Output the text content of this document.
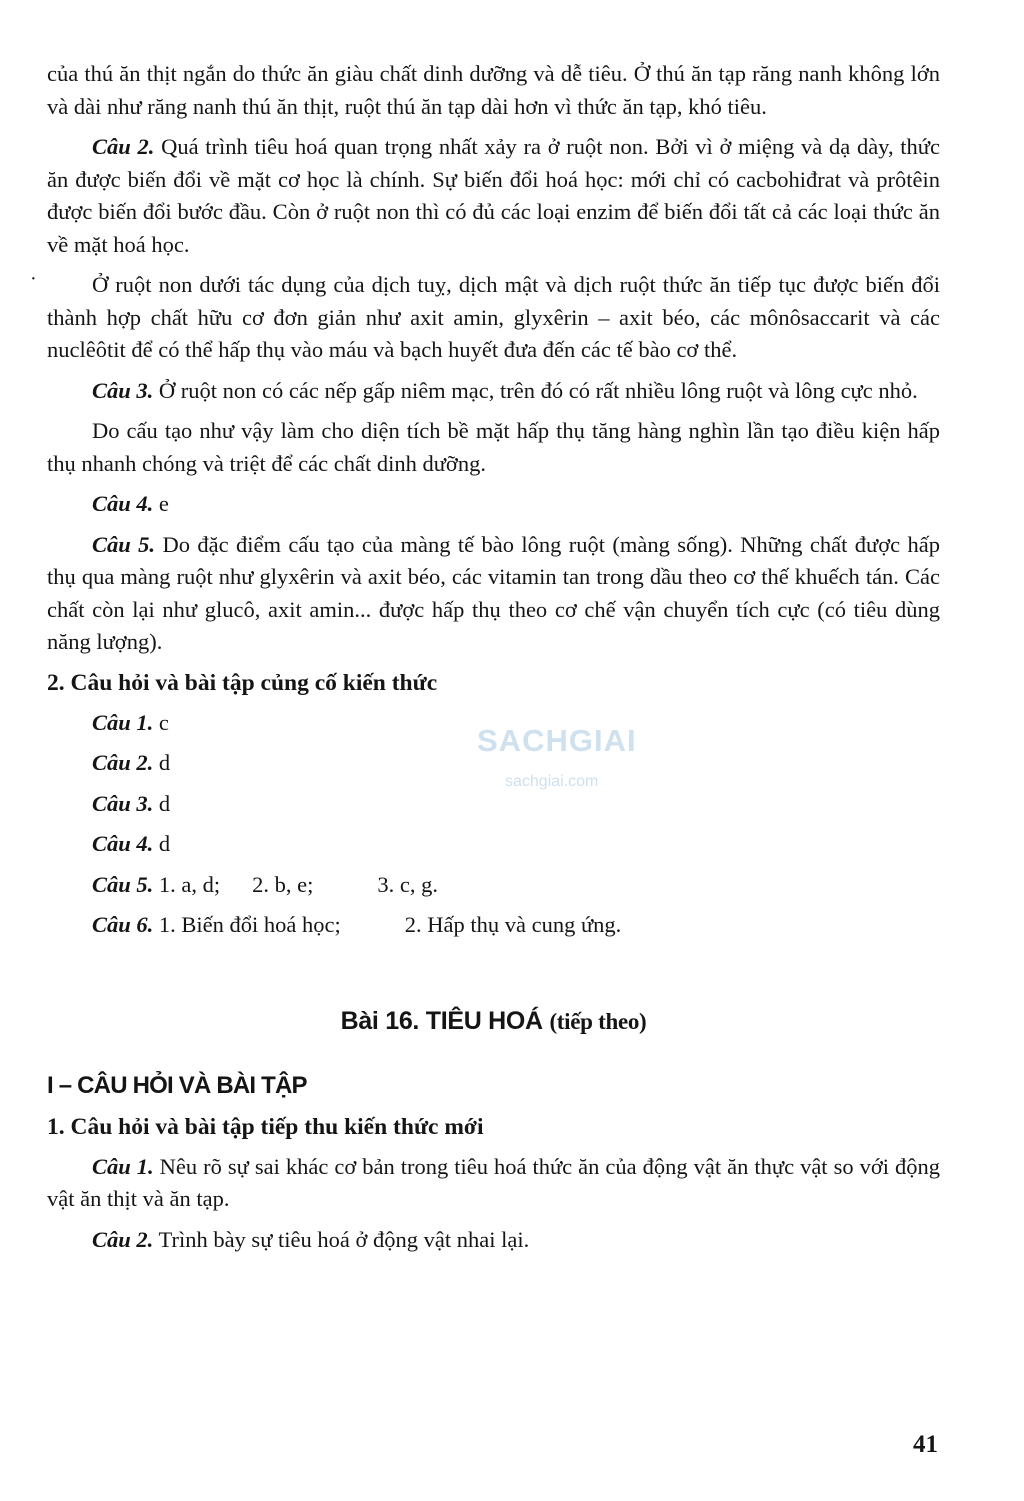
của thú ăn thịt ngắn do thức ăn giàu chất dinh dưỡng và dễ tiêu. Ở thú ăn tạp răng nanh không lớn và dài như răng nanh thú ăn thịt, ruột thú ăn tạp dài hơn vì thức ăn tạp, khó tiêu.

Câu 2. Quá trình tiêu hoá quan trọng nhất xảy ra ở ruột non. Bởi vì ở miệng và dạ dày, thức ăn được biến đổi về mặt cơ học là chính. Sự biến đổi hoá học: mới chỉ có cacbohiđrat và prôtêin được biến đổi bước đầu. Còn ở ruột non thì có đủ các loại enzim để biến đổi tất cả các loại thức ăn về mặt hoá học.

Ở ruột non dưới tác dụng của dịch tuỵ, dịch mật và dịch ruột thức ăn tiếp tục được biến đổi thành hợp chất hữu cơ đơn giản như axit amin, glyxêrin – axit béo, các mônôsaccarit và các nuclêôtit để có thể hấp thụ vào máu và bạch huyết đưa đến các tế bào cơ thể.

Câu 3. Ở ruột non có các nếp gấp niêm mạc, trên đó có rất nhiều lông ruột và lông cực nhỏ.

Do cấu tạo như vậy làm cho diện tích bề mặt hấp thụ tăng hàng nghìn lần tạo điều kiện hấp thụ nhanh chóng và triệt để các chất dinh dưỡng.

Câu 4. e

Câu 5. Do đặc điểm cấu tạo của màng tế bào lông ruột (màng sống). Những chất được hấp thụ qua màng ruột như glyxêrin và axit béo, các vitamin tan trong dầu theo cơ thế khuếch tán. Các chất còn lại như glucô, axit amin... được hấp thụ theo cơ chế vận chuyển tích cực (có tiêu dùng năng lượng).

2. Câu hỏi và bài tập củng cố kiến thức

Câu 1. c

Câu 2. d

Câu 3. d

Câu 4. d

Câu 5. 1. a, d; 2. b, e;	3. c, g.

Câu 6. 1. Biến đổi hoá học;	2. Hấp thụ và cung ứng.

Bài 16. TIÊU HOÁ (tiếp theo)
I – CÂU HỎI VÀ BÀI TẬP
1. Câu hỏi và bài tập tiếp thu kiến thức mới

Câu 1. Nêu rõ sự sai khác cơ bản trong tiêu hoá thức ăn của động vật ăn thực vật so với động vật ăn thịt và ăn tạp.

Câu 2. Trình bày sự tiêu hoá ở động vật nhai lại.

·
SACHGIAI
sachgiai.com
41
